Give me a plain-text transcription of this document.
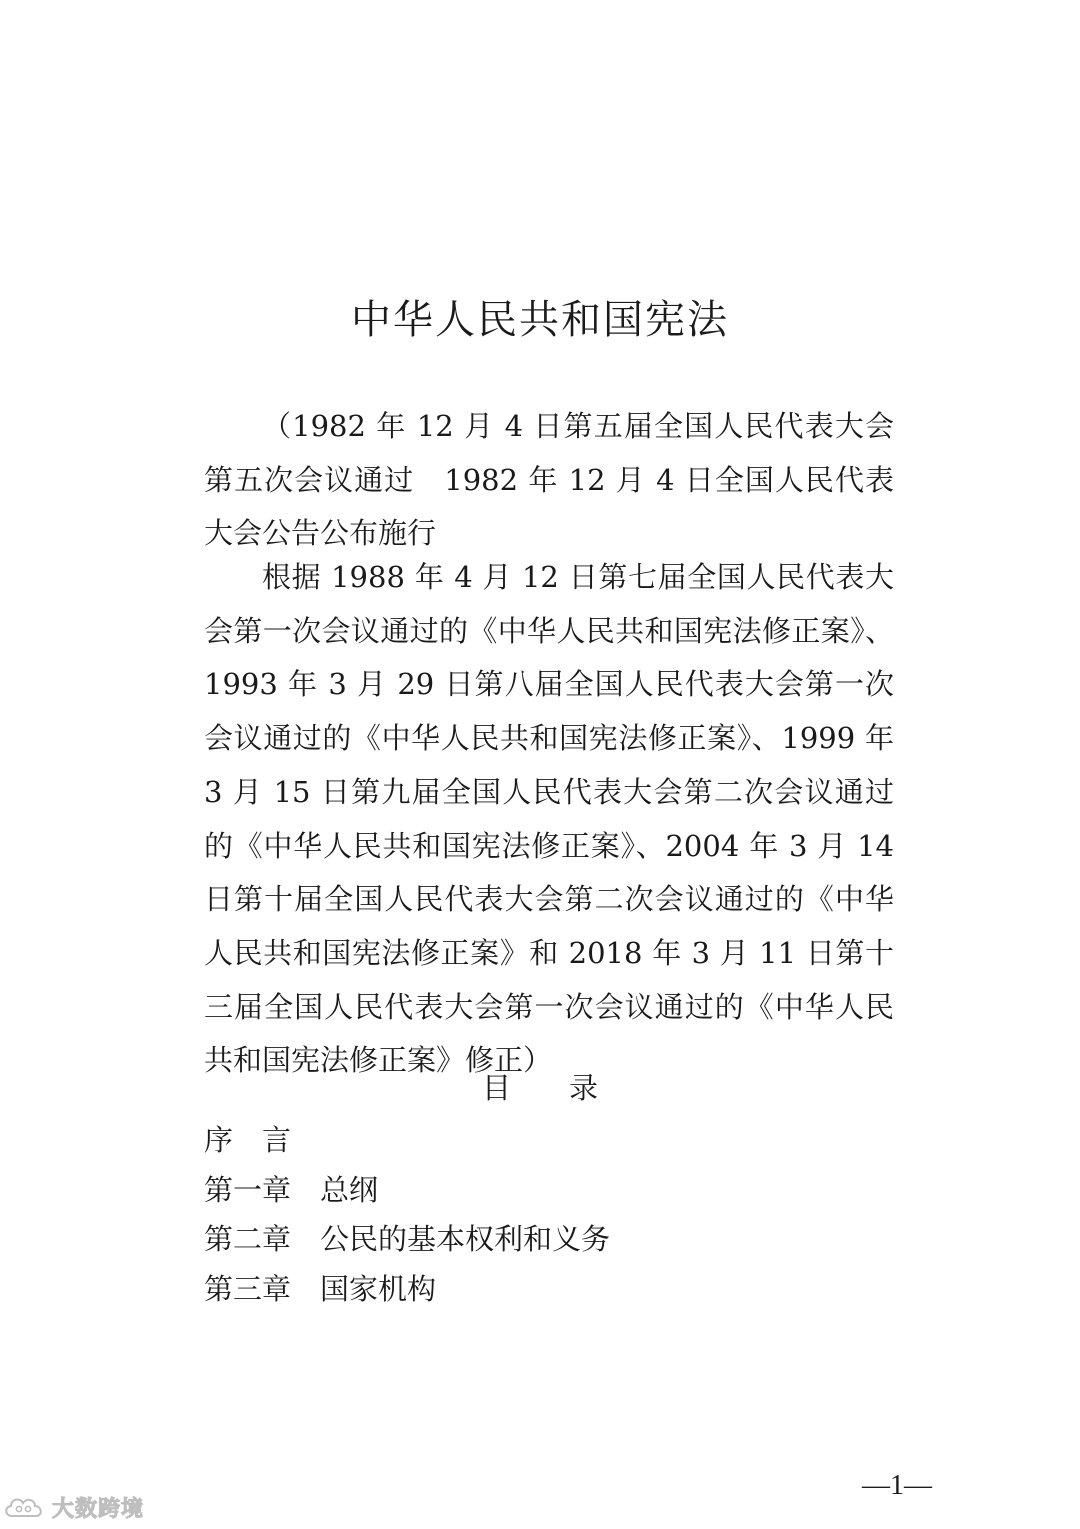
中华人民共和国宪法

（1982 年 12 月 4 日第五届全国人民代表大会第五次会议通过　1982 年 12 月 4 日全国人民代表大会公告公布施行

根据 1988 年 4 月 12 日第七届全国人民代表大会第一次会议通过的《中华人民共和国宪法修正案》、1993 年 3 月 29 日第八届全国人民代表大会第一次会议通过的《中华人民共和国宪法修正案》、1999 年 3 月 15 日第九届全国人民代表大会第二次会议通过的《中华人民共和国宪法修正案》、2004 年 3 月 14 日第十届全国人民代表大会第二次会议通过的《中华人民共和国宪法修正案》和 2018 年 3 月 11 日第十三届全国人民代表大会第一次会议通过的《中华人民共和国宪法修正案》修正）

目 录
序 言
第一章 总纲
第二章 公民的基本权利和义务
第三章 国家机构
—1—
大数跨境
